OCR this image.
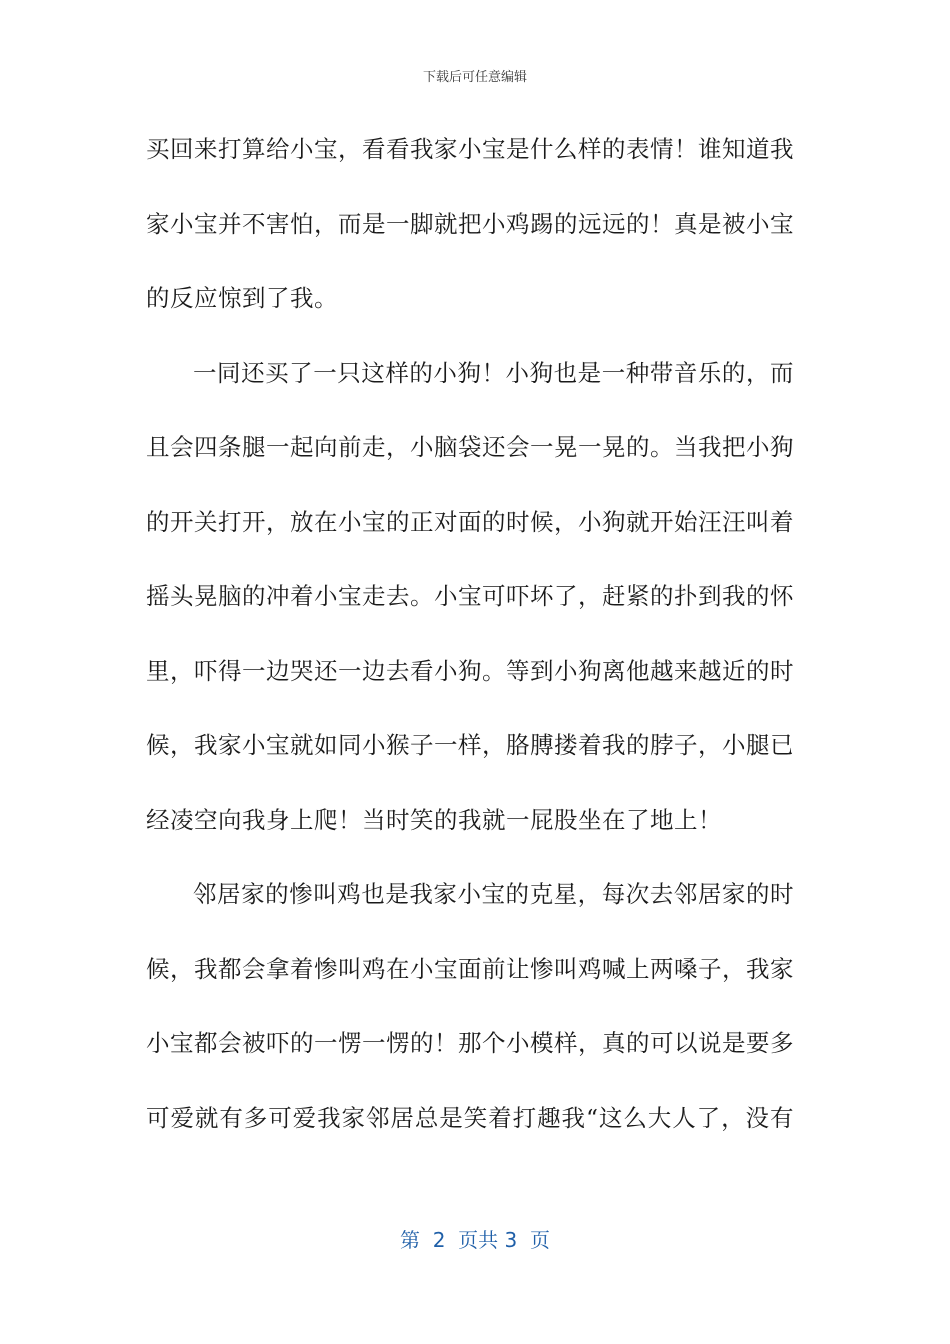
下载后可任意编辑
买回来打算给小宝，看看我家小宝是什么样的表情！谁知道我
家小宝并不害怕，而是一脚就把小鸡踢的远远的！真是被小宝
的反应惊到了我。
一同还买了一只这样的小狗！小狗也是一种带音乐的，而
且会四条腿一起向前走，小脑袋还会一晃一晃的。当我把小狗
的开关打开，放在小宝的正对面的时候，小狗就开始汪汪叫着
摇头晃脑的冲着小宝走去。小宝可吓坏了，赶紧的扑到我的怀
里，吓得一边哭还一边去看小狗。等到小狗离他越来越近的时
候，我家小宝就如同小猴子一样，胳膊搂着我的脖子，小腿已
经凌空向我身上爬！当时笑的我就一屁股坐在了地上！
邻居家的惨叫鸡也是我家小宝的克星，每次去邻居家的时
候，我都会拿着惨叫鸡在小宝面前让惨叫鸡喊上两嗓子，我家
小宝都会被吓的一愣一愣的！那个小模样，真的可以说是要多
可爱就有多可爱我家邻居总是笑着打趣我“这么大人了，没有
第  2  页共 3  页
